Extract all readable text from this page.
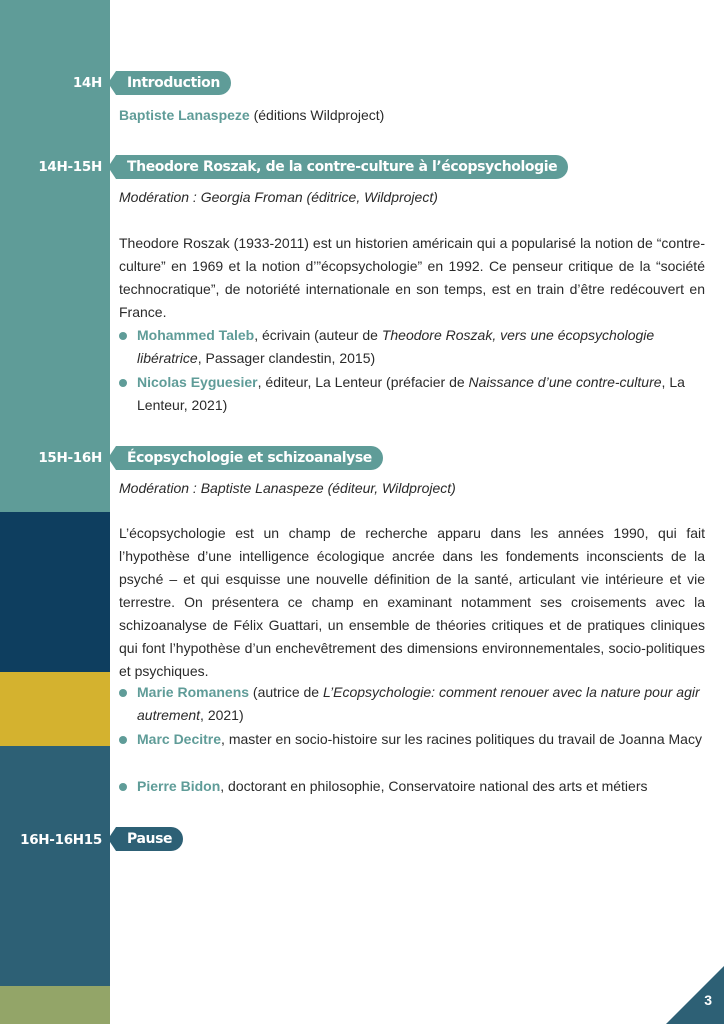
14H	Introduction
Baptiste Lanaspeze (éditions Wildproject)
14H-15H	Theodore Roszak, de la contre-culture à l’écopsychologie
Modération : Georgia Froman (éditrice, Wildproject)
Theodore Roszak (1933-2011) est un historien américain qui a popularisé la notion de “contre-culture” en 1969 et la notion d’”écopsychologie” en 1992. Ce penseur critique de la “société technocratique”, de notoriété internationale en son temps, est en train d’être redécouvert en France.
Mohammed Taleb, écrivain (auteur de Theodore Roszak, vers une écopsychologie libératrice, Passager clandestin, 2015)
Nicolas Eyguesier, éditeur, La Lenteur (préfacier de Naissance d’une contre-culture, La Lenteur, 2021)
15H-16H	Écopsychologie et schizoanalyse
Modération : Baptiste Lanaspeze (éditeur, Wildproject)
L’écopsychologie est un champ de recherche apparu dans les années 1990, qui fait l’hypothèse d’une intelligence écologique ancrée dans les fondements inconscients de la psyché – et qui esquisse une nouvelle définition de la santé, articulant vie intérieure et vie terrestre. On présentera ce champ en examinant notamment ses croisements avec la schizoanalyse de Félix Guattari, un ensemble de théories critiques et de pratiques cliniques qui font l’hypothèse d’un enchevêtrement des dimensions environnementales, socio-politiques et psychiques.
Marie Romanens (autrice de L’Ecopsychologie: comment renouer avec la nature pour agir autrement, 2021)
Marc Decitre, master en socio-histoire sur les racines politiques du travail de Joanna Macy
Pierre Bidon, doctorant en philosophie, Conservatoire national des arts et métiers
16H-16H15	Pause
3
